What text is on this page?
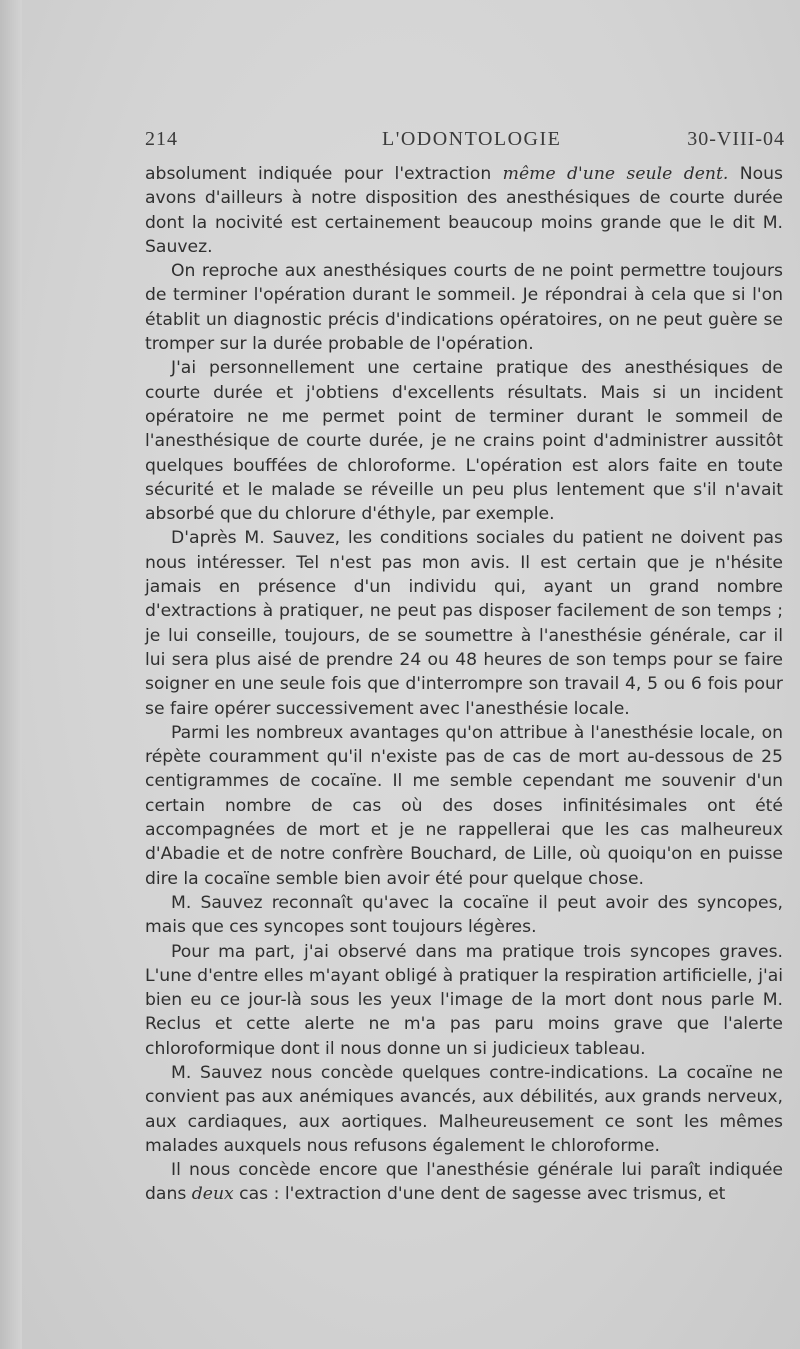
214	L'ODONTOLOGIE	30-VIII-04

absolument indiquée pour l'extraction même d'une seule dent. Nous avons d'ailleurs à notre disposition des anesthésiques de courte durée dont la nocivité est certainement beaucoup moins grande que le dit M. Sauvez.

On reproche aux anesthésiques courts de ne point permettre toujours de terminer l'opération durant le sommeil. Je répondrai à cela que si l'on établit un diagnostic précis d'indications opératoires, on ne peut guère se tromper sur la durée probable de l'opération.

J'ai personnellement une certaine pratique des anesthésiques de courte durée et j'obtiens d'excellents résultats. Mais si un incident opératoire ne me permet point de terminer durant le sommeil de l'anesthésique de courte durée, je ne crains point d'administrer aussitôt quelques bouffées de chloroforme. L'opération est alors faite en toute sécurité et le malade se réveille un peu plus lentement que s'il n'avait absorbé que du chlorure d'éthyle, par exemple.

D'après M. Sauvez, les conditions sociales du patient ne doivent pas nous intéresser. Tel n'est pas mon avis. Il est certain que je n'hésite jamais en présence d'un individu qui, ayant un grand nombre d'extractions à pratiquer, ne peut pas disposer facilement de son temps ; je lui conseille, toujours, de se soumettre à l'anesthésie générale, car il lui sera plus aisé de prendre 24 ou 48 heures de son temps pour se faire soigner en une seule fois que d'interrompre son travail 4, 5 ou 6 fois pour se faire opérer successivement avec l'anesthésie locale.

Parmi les nombreux avantages qu'on attribue à l'anesthésie locale, on répète couramment qu'il n'existe pas de cas de mort au-dessous de 25 centigrammes de cocaïne. Il me semble cependant me souvenir d'un certain nombre de cas où des doses infinitésimales ont été accompagnées de mort et je ne rappellerai que les cas malheureux d'Abadie et de notre confrère Bouchard, de Lille, où quoiqu'on en puisse dire la cocaïne semble bien avoir été pour quelque chose.

M. Sauvez reconnaît qu'avec la cocaïne il peut avoir des syncopes, mais que ces syncopes sont toujours légères.

Pour ma part, j'ai observé dans ma pratique trois syncopes graves. L'une d'entre elles m'ayant obligé à pratiquer la respiration artificielle, j'ai bien eu ce jour-là sous les yeux l'image de la mort dont nous parle M. Reclus et cette alerte ne m'a pas paru moins grave que l'alerte chloroformique dont il nous donne un si judicieux tableau.

M. Sauvez nous concède quelques contre-indications. La cocaïne ne convient pas aux anémiques avancés, aux débilités, aux grands nerveux, aux cardiaques, aux aortiques. Malheureusement ce sont les mêmes malades auxquels nous refusons également le chloroforme.

Il nous concède encore que l'anesthésie générale lui paraît indiquée dans deux cas : l'extraction d'une dent de sagesse avec trismus, et
